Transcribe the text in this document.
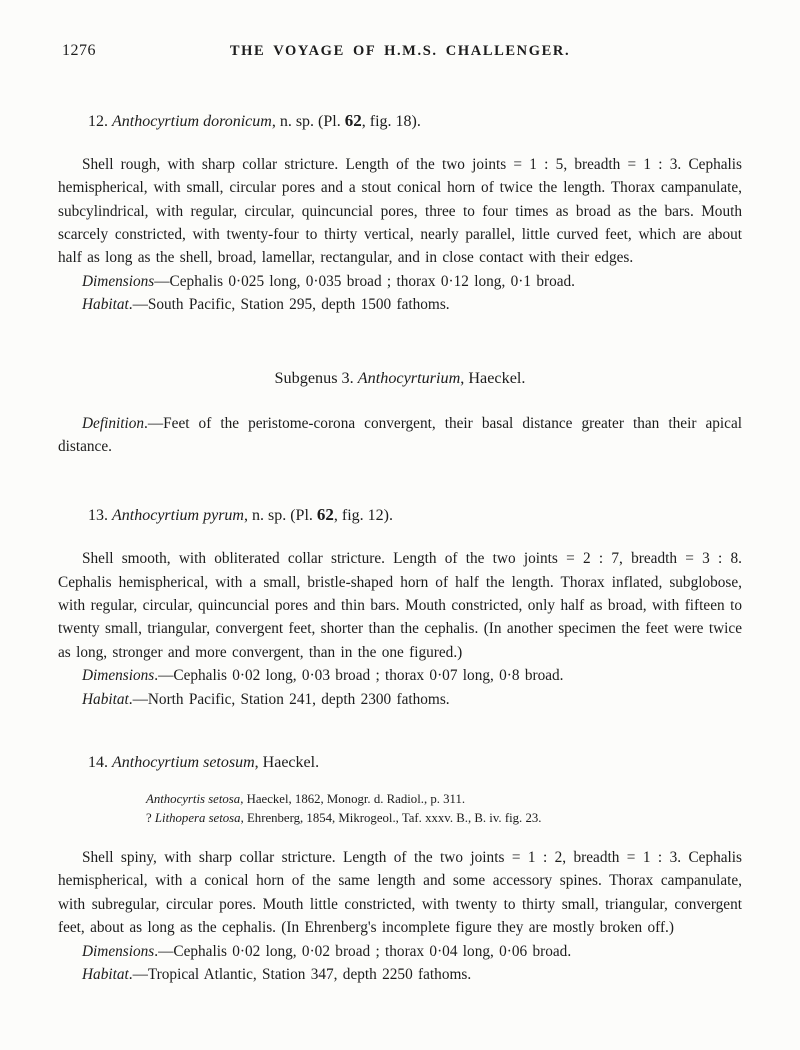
1276	THE VOYAGE OF H.M.S. CHALLENGER.

12. Anthocyrtium doronicum, n. sp. (Pl. 62, fig. 18).

Shell rough, with sharp collar stricture. Length of the two joints = 1 : 5, breadth = 1 : 3. Cephalis hemispherical, with small, circular pores and a stout conical horn of twice the length. Thorax campanulate, subcylindrical, with regular, circular, quincuncial pores, three to four times as broad as the bars. Mouth scarcely constricted, with twenty-four to thirty vertical, nearly parallel, little curved feet, which are about half as long as the shell, broad, lamellar, rectangular, and in close contact with their edges.

Dimensions—Cephalis 0·025 long, 0·035 broad ; thorax 0·12 long, 0·1 broad.

Habitat.—South Pacific, Station 295, depth 1500 fathoms.

Subgenus 3. Anthocyrturium, Haeckel.

Definition.—Feet of the peristome-corona convergent, their basal distance greater than their apical distance.

13. Anthocyrtium pyrum, n. sp. (Pl. 62, fig. 12).

Shell smooth, with obliterated collar stricture. Length of the two joints = 2 : 7, breadth = 3 : 8. Cephalis hemispherical, with a small, bristle-shaped horn of half the length. Thorax inflated, subglobose, with regular, circular, quincuncial pores and thin bars. Mouth constricted, only half as broad, with fifteen to twenty small, triangular, convergent feet, shorter than the cephalis. (In another specimen the feet were twice as long, stronger and more convergent, than in the one figured.)

Dimensions.—Cephalis 0·02 long, 0·03 broad ; thorax 0·07 long, 0·8 broad.

Habitat.—North Pacific, Station 241, depth 2300 fathoms.

14. Anthocyrtium setosum, Haeckel.

Anthocyrtis setosa, Haeckel, 1862, Monogr. d. Radiol., p. 311.

? Lithopera setosa, Ehrenberg, 1854, Mikrogeol., Taf. xxxv. B., B. iv. fig. 23.

Shell spiny, with sharp collar stricture. Length of the two joints = 1 : 2, breadth = 1 : 3. Cephalis hemispherical, with a conical horn of the same length and some accessory spines. Thorax campanulate, with subregular, circular pores. Mouth little constricted, with twenty to thirty small, triangular, convergent feet, about as long as the cephalis. (In Ehrenberg's incomplete figure they are mostly broken off.)

Dimensions.—Cephalis 0·02 long, 0·02 broad ; thorax 0·04 long, 0·06 broad.

Habitat.—Tropical Atlantic, Station 347, depth 2250 fathoms.
